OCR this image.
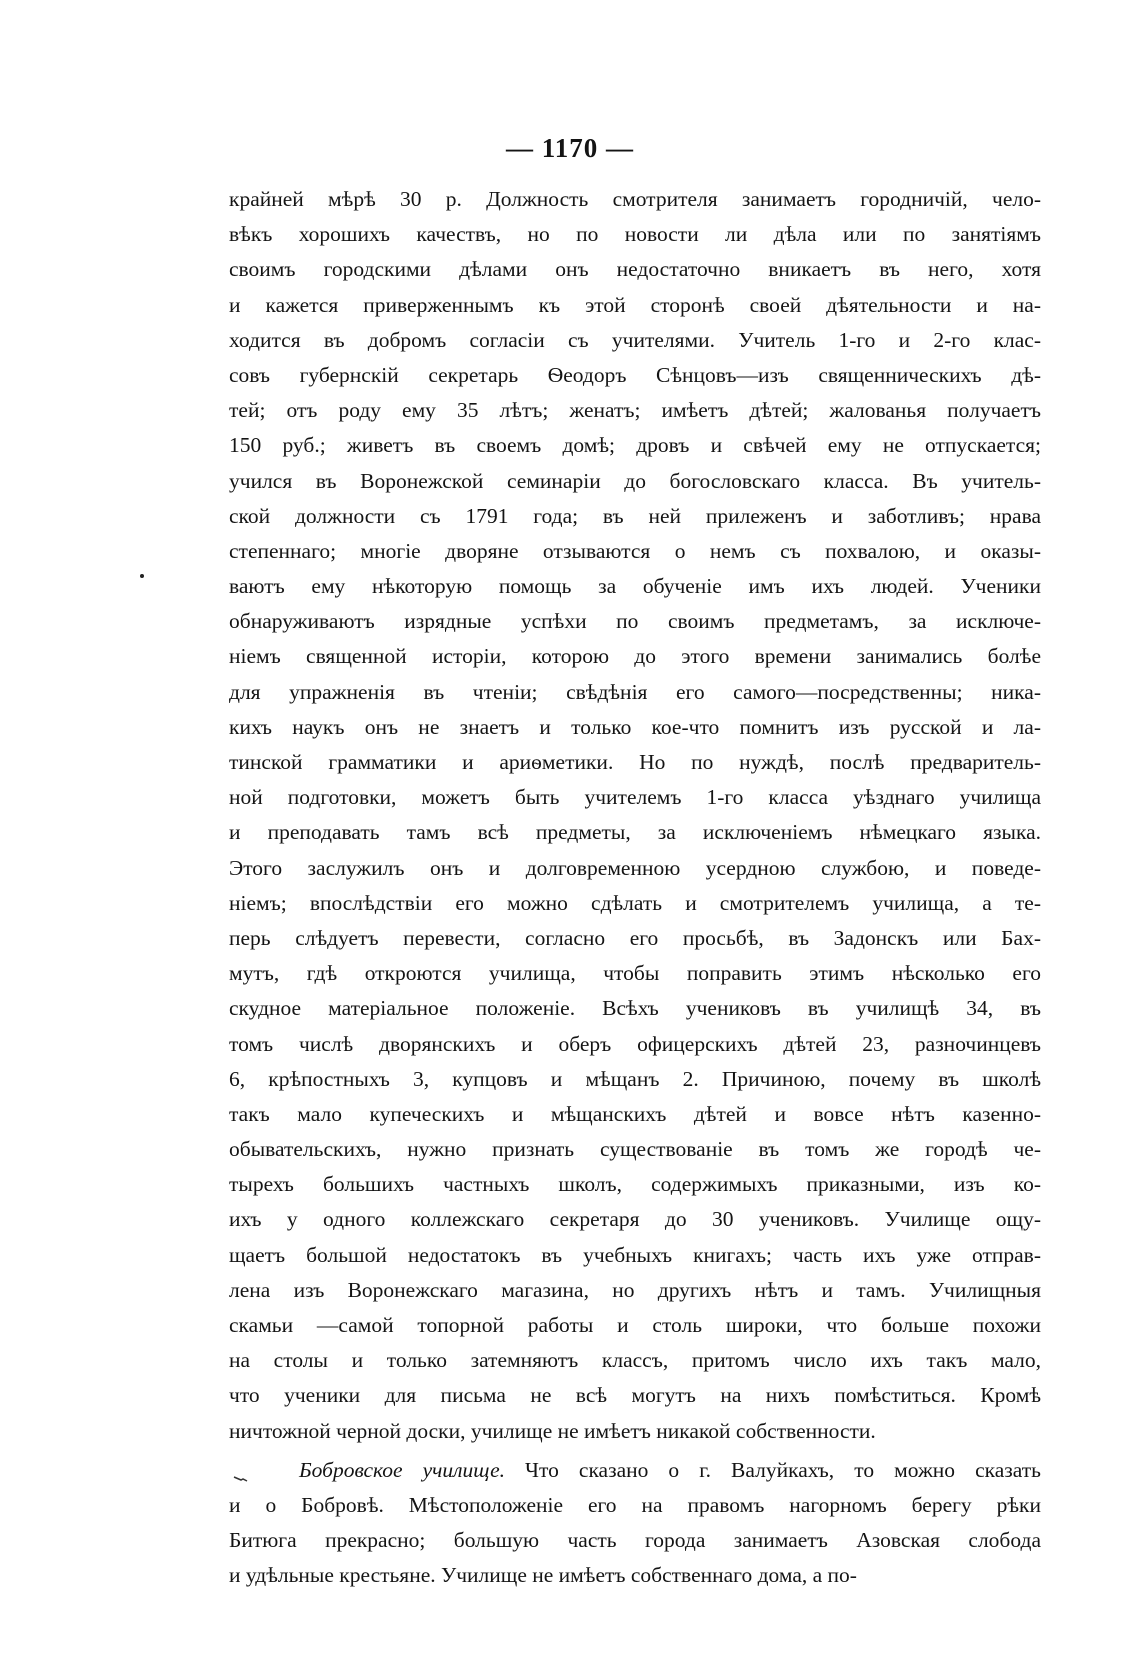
— 1170 —
крайней мѣрѣ 30 р. Должность смотрителя занимаетъ городничій, чело-
вѣкъ хорошихъ качествъ, но по новости ли дѣла или по занятіямъ
своимъ городскими дѣлами онъ недостаточно вникаетъ въ него, хотя
и кажется приверженнымъ къ этой сторонѣ своей дѣятельности и на-
ходится въ добромъ согласіи съ учителями. Учитель 1-го и 2-го клас-
совъ губернскій секретарь Ѳеодоръ Сѣнцовъ—изъ священническихъ дѣ-
тей; отъ роду ему 35 лѣтъ; женатъ; имѣетъ дѣтей; жалованья получаетъ
150 руб.; живетъ въ своемъ домѣ; дровъ и свѣчей ему не отпускается;
учился въ Воронежской семинаріи до богословскаго класса. Въ учитель-
ской должности съ 1791 года; въ ней прилеженъ и заботливъ; нрава
степеннаго; многіе дворяне отзываются о немъ съ похвалою, и оказы-
ваютъ ему нѣкоторую помощь за обученіе имъ ихъ людей. Ученики
обнаруживаютъ изрядные успѣхи по своимъ предметамъ, за исключе-
ніемъ священной исторіи, которою до этого времени занимались болѣе
для упражненія въ чтеніи; свѣдѣнія его самого—посредственны; ника-
кихъ наукъ онъ не знаетъ и только кое-что помнитъ изъ русской и ла-
тинской грамматики и ариѳметики. Но по нуждѣ, послѣ предваритель-
ной подготовки, можетъ быть учителемъ 1-го класса уѣзднаго училища
и преподавать тамъ всѣ предметы, за исключеніемъ нѣмецкаго языка.
Этого заслужилъ онъ и долговременною усердною службою, и поведе-
ніемъ; впослѣдствіи его можно сдѣлать и смотрителемъ училища, а те-
перь слѣдуетъ перевести, согласно его просьбѣ, въ Задонскъ или Бах-
мутъ, гдѣ откроются училища, чтобы поправить этимъ нѣсколько его
скудное матеріальное положеніе. Всѣхъ учениковъ въ училищѣ 34, въ
томъ числѣ дворянскихъ и оберъ офицерскихъ дѣтей 23, разночинцевъ
6, крѣпостныхъ 3, купцовъ и мѣщанъ 2. Причиною, почему въ школѣ
такъ мало купеческихъ и мѣщанскихъ дѣтей и вовсе нѣтъ казенно-
обывательскихъ, нужно признать существованіе въ томъ же городѣ че-
тырехъ большихъ частныхъ школъ, содержимыхъ приказными, изъ ко-
ихъ у одного коллежскаго секретаря до 30 учениковъ. Училище ощу-
щаетъ большой недостатокъ въ учебныхъ книгахъ; часть ихъ уже отправ-
лена изъ Воронежскаго магазина, но другихъ нѣтъ и тамъ. Училищныя
скамьи —самой топорной работы и столь широки, что больше похожи
на столы и только затемняютъ классъ, притомъ число ихъ такъ мало,
что ученики для письма не всѣ могутъ на нихъ помѣститься. Кромѣ
ничтожной черной доски, училище не имѣетъ никакой собственности.
Бобровское училище. Что сказано о г. Валуйкахъ, то можно сказать
и о Бобровѣ. Мѣстоположеніе его на правомъ нагорномъ берегу рѣки
Битюга прекрасно; большую часть города занимаетъ Азовская слобода
и удѣльные крестьяне. Училище не имѣетъ собственнаго дома, а по-
